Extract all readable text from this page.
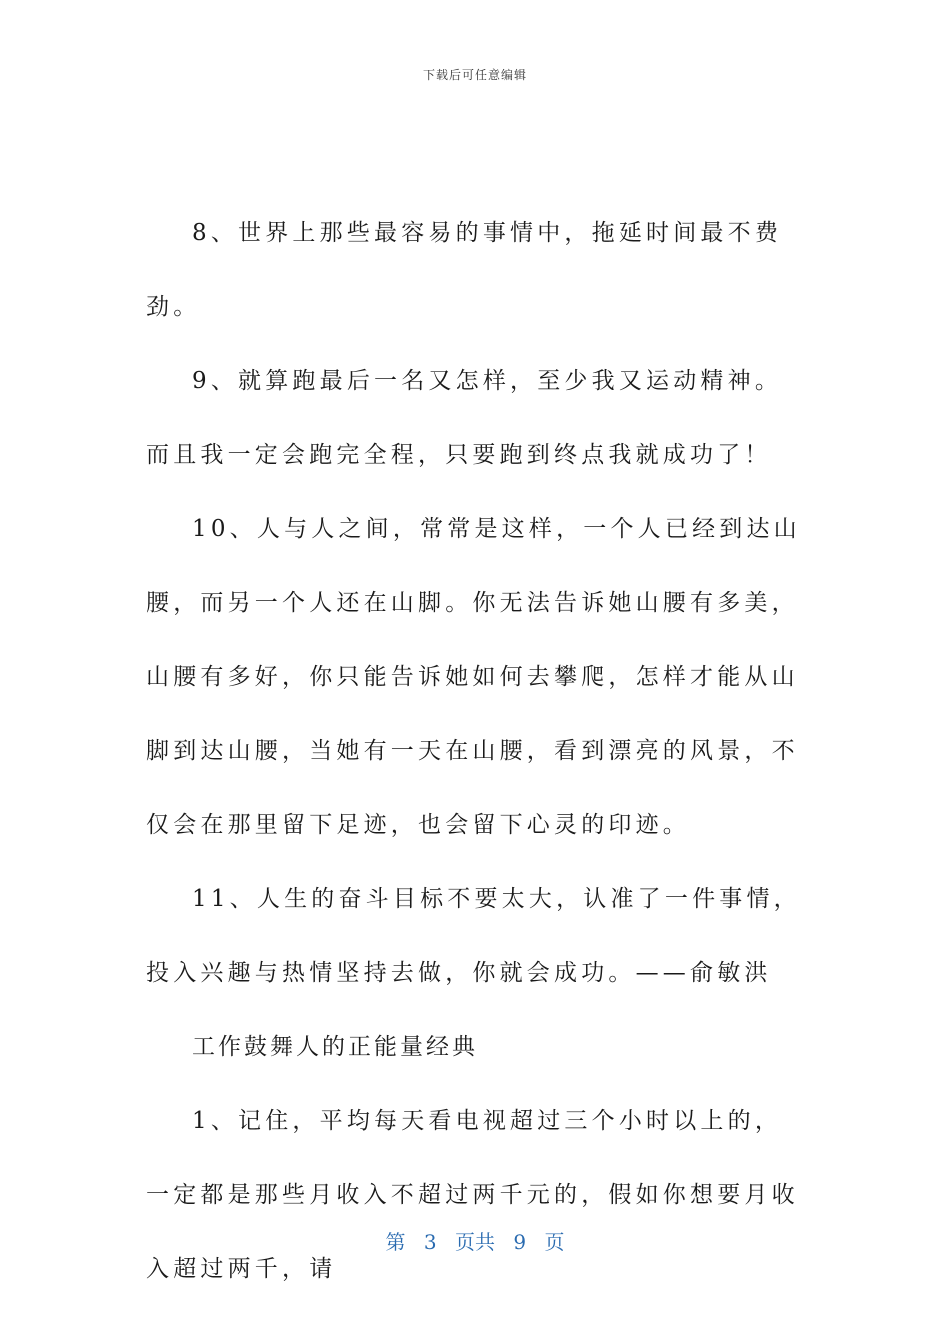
下载后可任意编辑

8、世界上那些最容易的事情中，拖延时间最不费劲。

9、就算跑最后一名又怎样，至少我又运动精神。而且我一定会跑完全程，只要跑到终点我就成功了！

10、人与人之间，常常是这样，一个人已经到达山腰，而另一个人还在山脚。你无法告诉她山腰有多美，山腰有多好，你只能告诉她如何去攀爬，怎样才能从山脚到达山腰，当她有一天在山腰，看到漂亮的风景，不仅会在那里留下足迹，也会留下心灵的印迹。

11、人生的奋斗目标不要太大，认准了一件事情，投入兴趣与热情坚持去做，你就会成功。——俞敏洪

工作鼓舞人的正能量经典

1、记住，平均每天看电视超过三个小时以上的，一定都是那些月收入不超过两千元的，假如你想要月收入超过两千，请

第 3 页共 9 页
